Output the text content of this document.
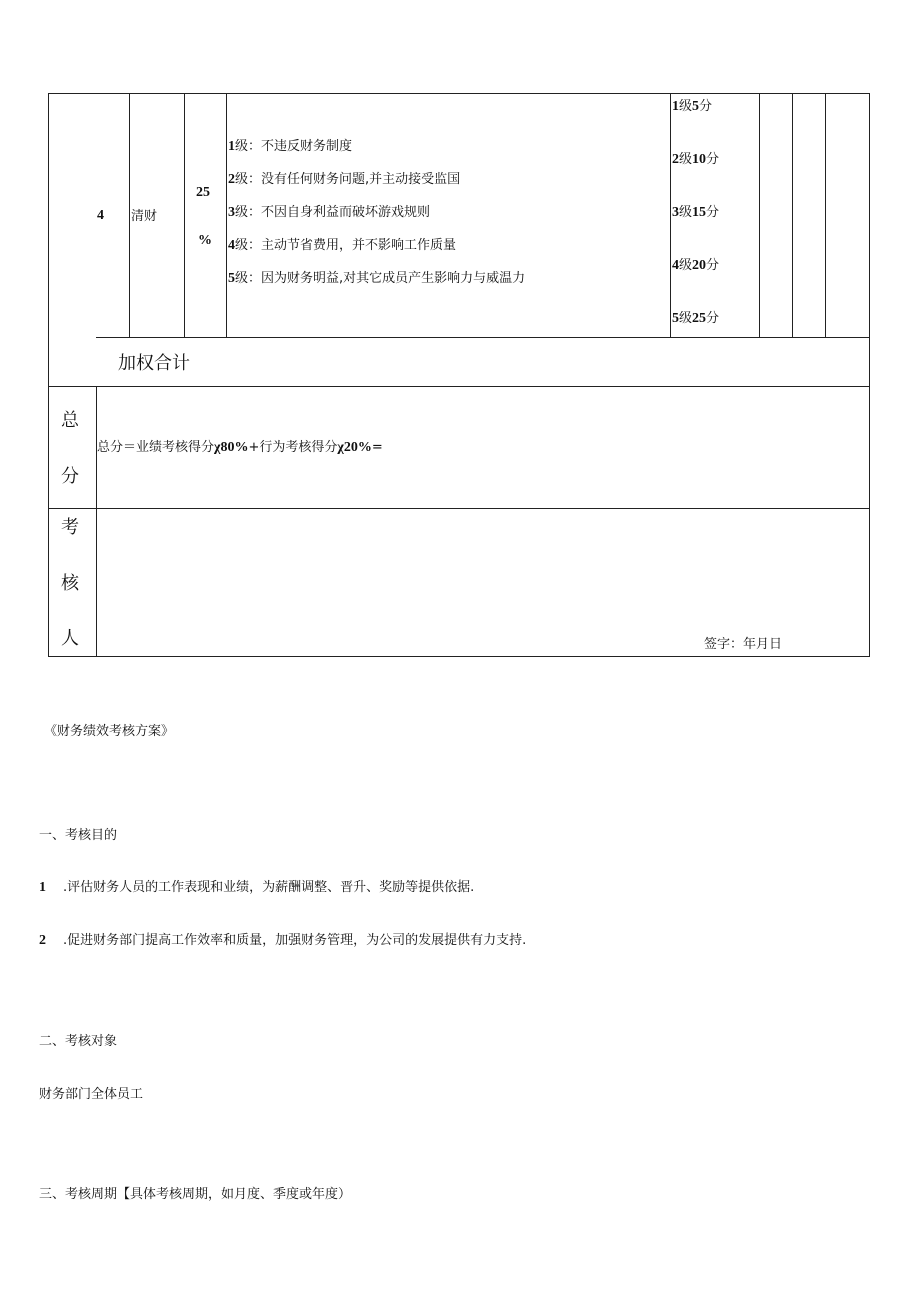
4 清财
25
%
1级：不违反财务制度
2级：没有任何财务问题,并主动接受监国
3级：不因自身利益而破坏游戏规则
4级：主动节省费用，并不影响工作质量
5级：因为财务明益,对其它成员产生影响力与威温力
1级5分
2级10分
3级15分
4级20分
5级25分
加权合计
总
分
总分＝业绩考核得分χ80%+行为考核得分χ20%=
考
核
人	签字：年月日
《财务绩效考核方案》
一、考核目的
1 .评估财务人员的工作表现和业绩，为薪酬调整、晋升、奖励等提供依据.
2 .促进财务部门提高工作效率和质量，加强财务管理，为公司的发展提供有力支持.
二、考核对象
财务部门全体员工
三、考核周期【具体考核周期，如月度、季度或年度）
